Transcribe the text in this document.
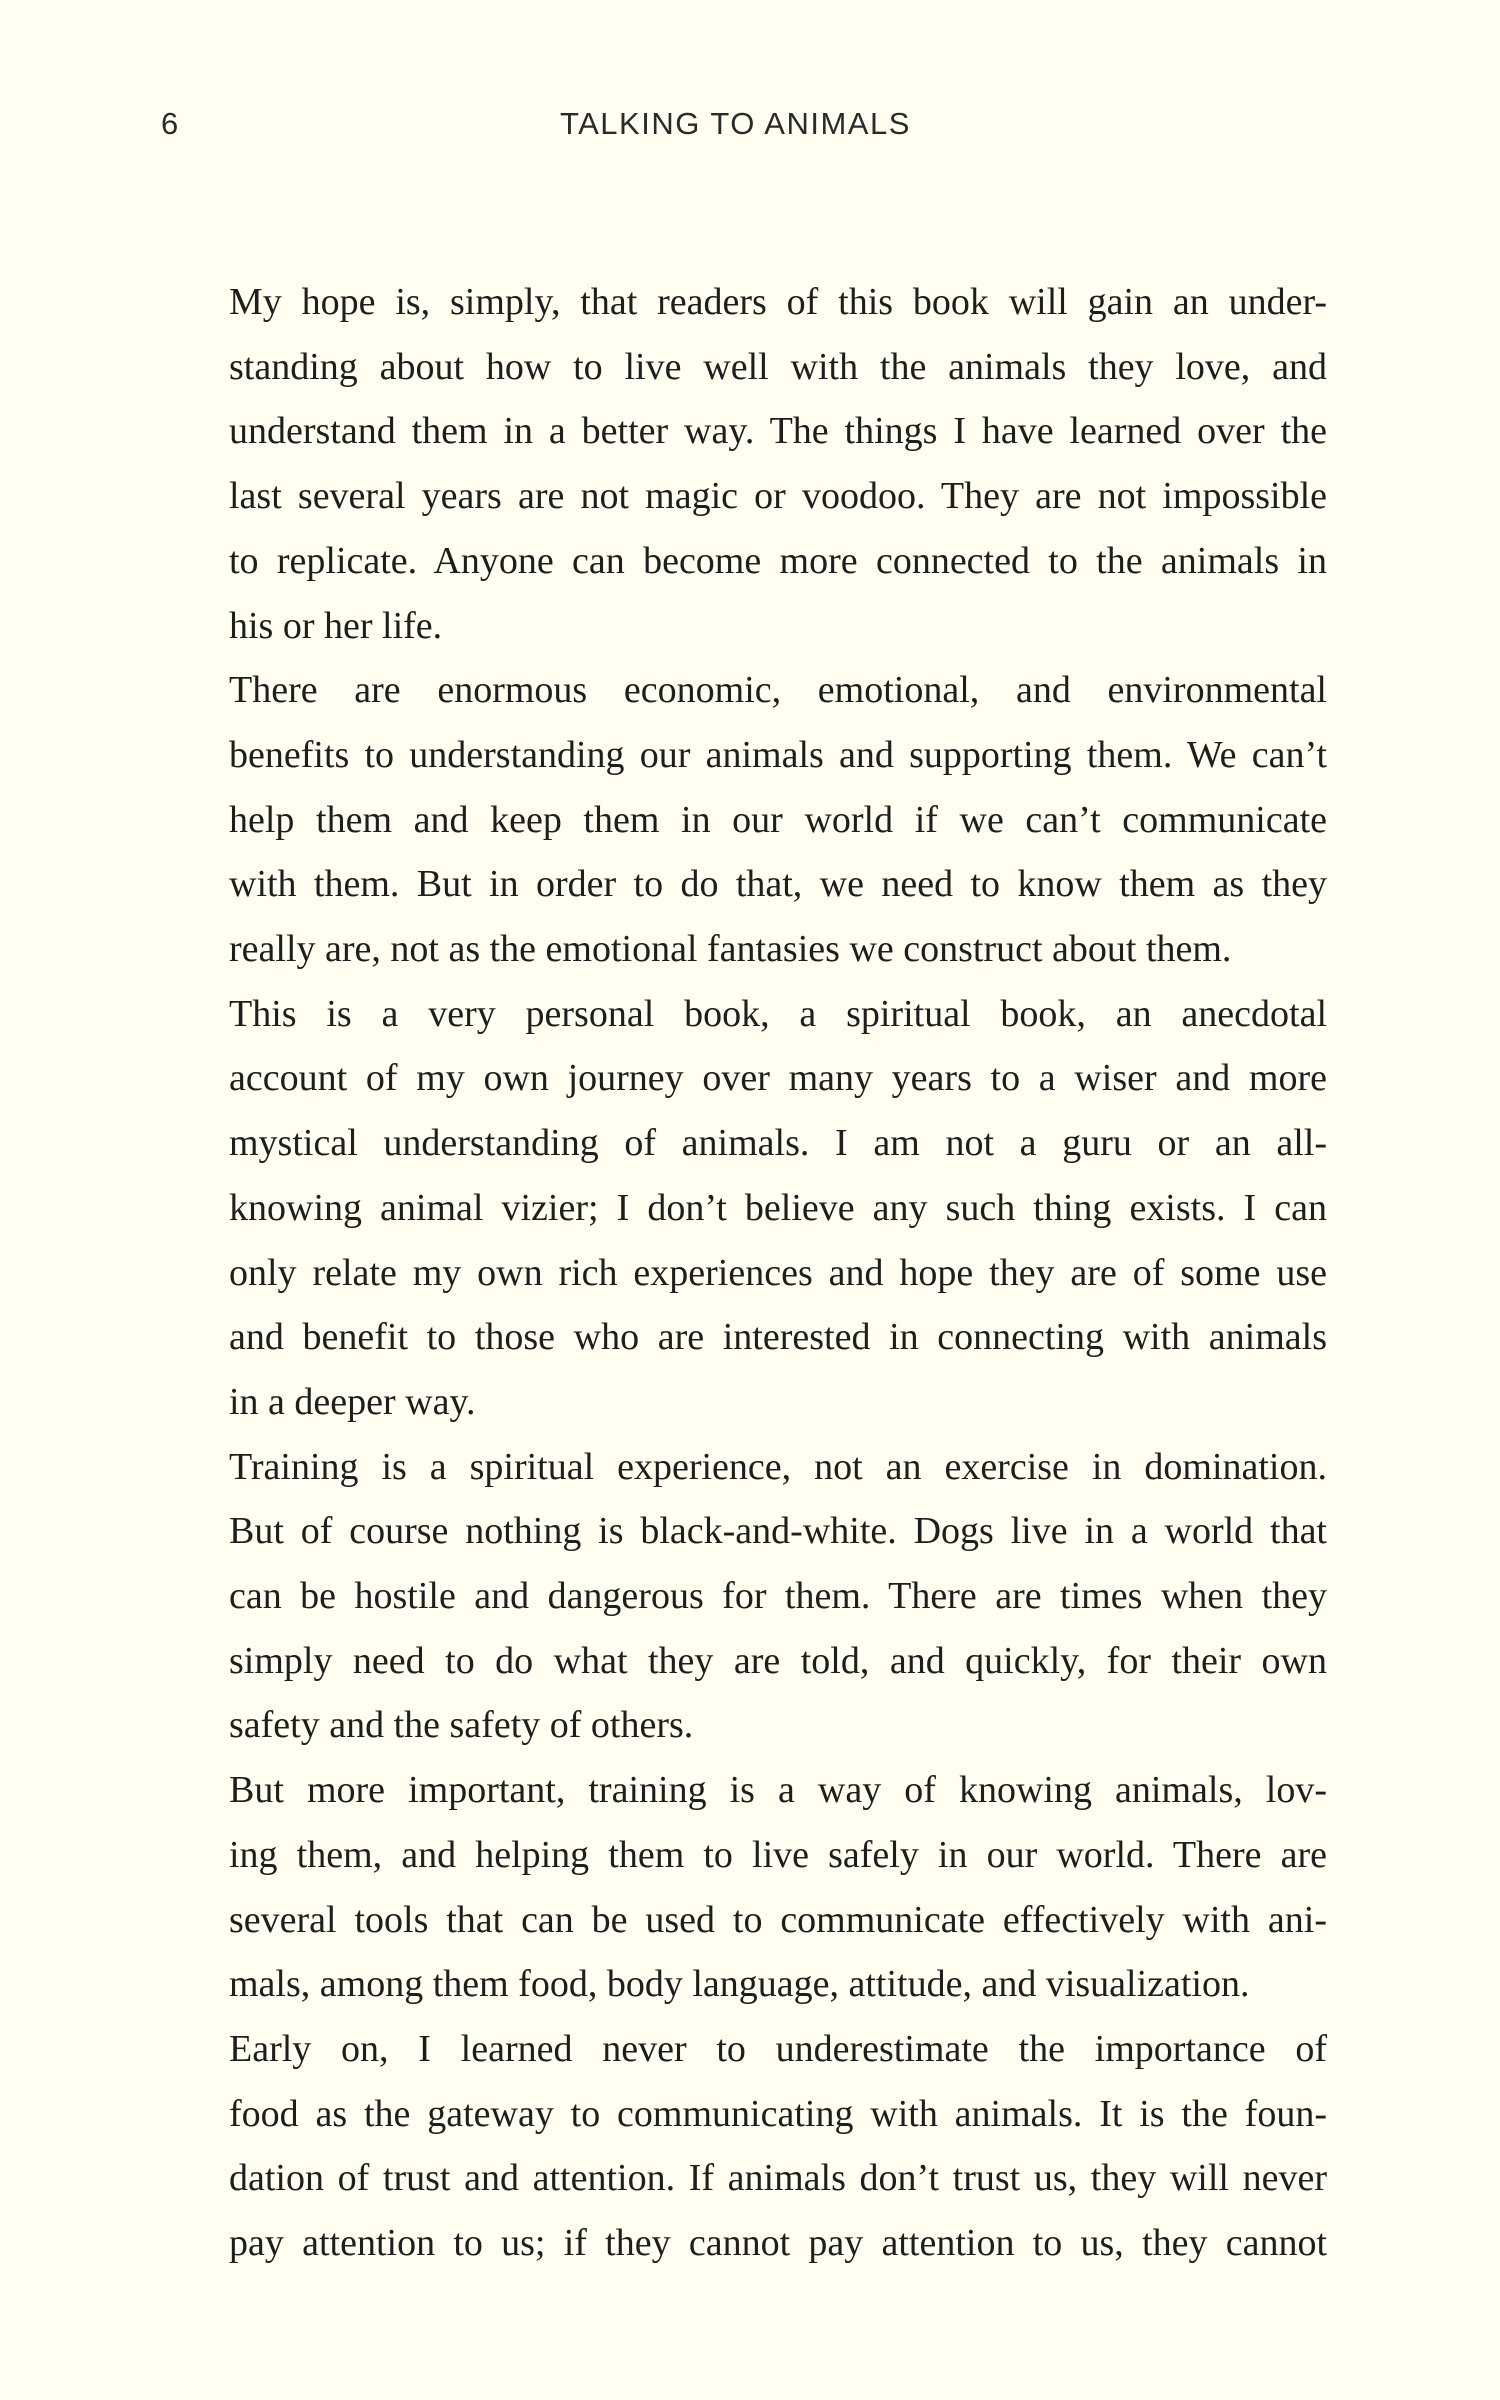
6	TALKING TO ANIMALS
My hope is, simply, that readers of this book will gain an under-
standing about how to live well with the animals they love, and
understand them in a better way. The things I have learned over the
last several years are not magic or voodoo. They are not impossible
to replicate. Anyone can become more connected to the animals in
his or her life.
There are enormous economic, emotional, and environmental
benefits to understanding our animals and supporting them. We can’t
help them and keep them in our world if we can’t communicate
with them. But in order to do that, we need to know them as they
really are, not as the emotional fantasies we construct about them.
This is a very personal book, a spiritual book, an anecdotal
account of my own journey over many years to a wiser and more
mystical understanding of animals. I am not a guru or an all-
knowing animal vizier; I don’t believe any such thing exists. I can
only relate my own rich experiences and hope they are of some use
and benefit to those who are interested in connecting with animals
in a deeper way.
Training is a spiritual experience, not an exercise in domination.
But of course nothing is black-and-white. Dogs live in a world that
can be hostile and dangerous for them. There are times when they
simply need to do what they are told, and quickly, for their own
safety and the safety of others.
But more important, training is a way of knowing animals, lov-
ing them, and helping them to live safely in our world. There are
several tools that can be used to communicate effectively with ani-
mals, among them food, body language, attitude, and visualization.
Early on, I learned never to underestimate the importance of
food as the gateway to communicating with animals. It is the foun-
dation of trust and attention. If animals don’t trust us, they will never
pay attention to us; if they cannot pay attention to us, they cannot
